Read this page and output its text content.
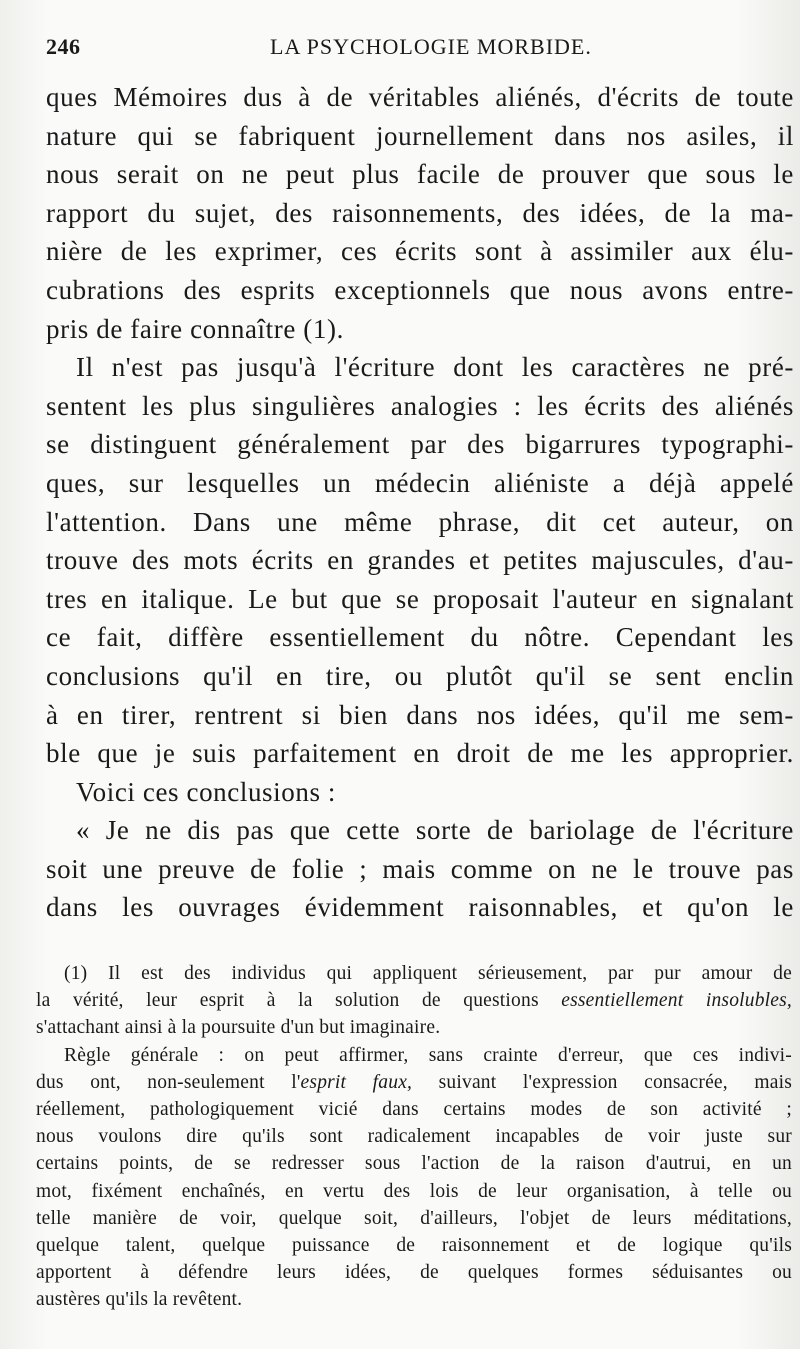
246	LA PSYCHOLOGIE MORBIDE.
ques Mémoires dus à de véritables aliénés, d'écrits de toute
nature qui se fabriquent journellement dans nos asiles, il
nous serait on ne peut plus facile de prouver que sous le
rapport du sujet, des raisonnements, des idées, de la ma-
nière de les exprimer, ces écrits sont à assimiler aux élu-
cubrations des esprits exceptionnels que nous avons entre-
pris de faire connaître (1).
Il n'est pas jusqu'à l'écriture dont les caractères ne pré-
sentent les plus singulières analogies : les écrits des aliénés
se distinguent généralement par des bigarrures typographi-
ques, sur lesquelles un médecin aliéniste a déjà appelé
l'attention. Dans une même phrase, dit cet auteur, on
trouve des mots écrits en grandes et petites majuscules, d'au-
tres en italique. Le but que se proposait l'auteur en signalant
ce fait, diffère essentiellement du nôtre. Cependant les
conclusions qu'il en tire, ou plutôt qu'il se sent enclin
à en tirer, rentrent si bien dans nos idées, qu'il me sem-
ble que je suis parfaitement en droit de me les approprier.
Voici ces conclusions :
« Je ne dis pas que cette sorte de bariolage de l'écriture
soit une preuve de folie ; mais comme on ne le trouve pas
dans les ouvrages évidemment raisonnables, et qu'on le
(1) Il est des individus qui appliquent sérieusement, par pur amour de
la vérité, leur esprit à la solution de questions essentiellement insolubles,
s'attachant ainsi à la poursuite d'un but imaginaire.
Règle générale : on peut affirmer, sans crainte d'erreur, que ces indivi-
dus ont, non-seulement l'esprit faux, suivant l'expression consacrée, mais
réellement, pathologiquement vicié dans certains modes de son activité ;
nous voulons dire qu'ils sont radicalement incapables de voir juste sur
certains points, de se redresser sous l'action de la raison d'autrui, en un
mot, fixément enchaînés, en vertu des lois de leur organisation, à telle ou
telle manière de voir, quelque soit, d'ailleurs, l'objet de leurs méditations,
quelque talent, quelque puissance de raisonnement et de logique qu'ils
apportent à défendre leurs idées, de quelques formes séduisantes ou
austères qu'ils la revêtent.
